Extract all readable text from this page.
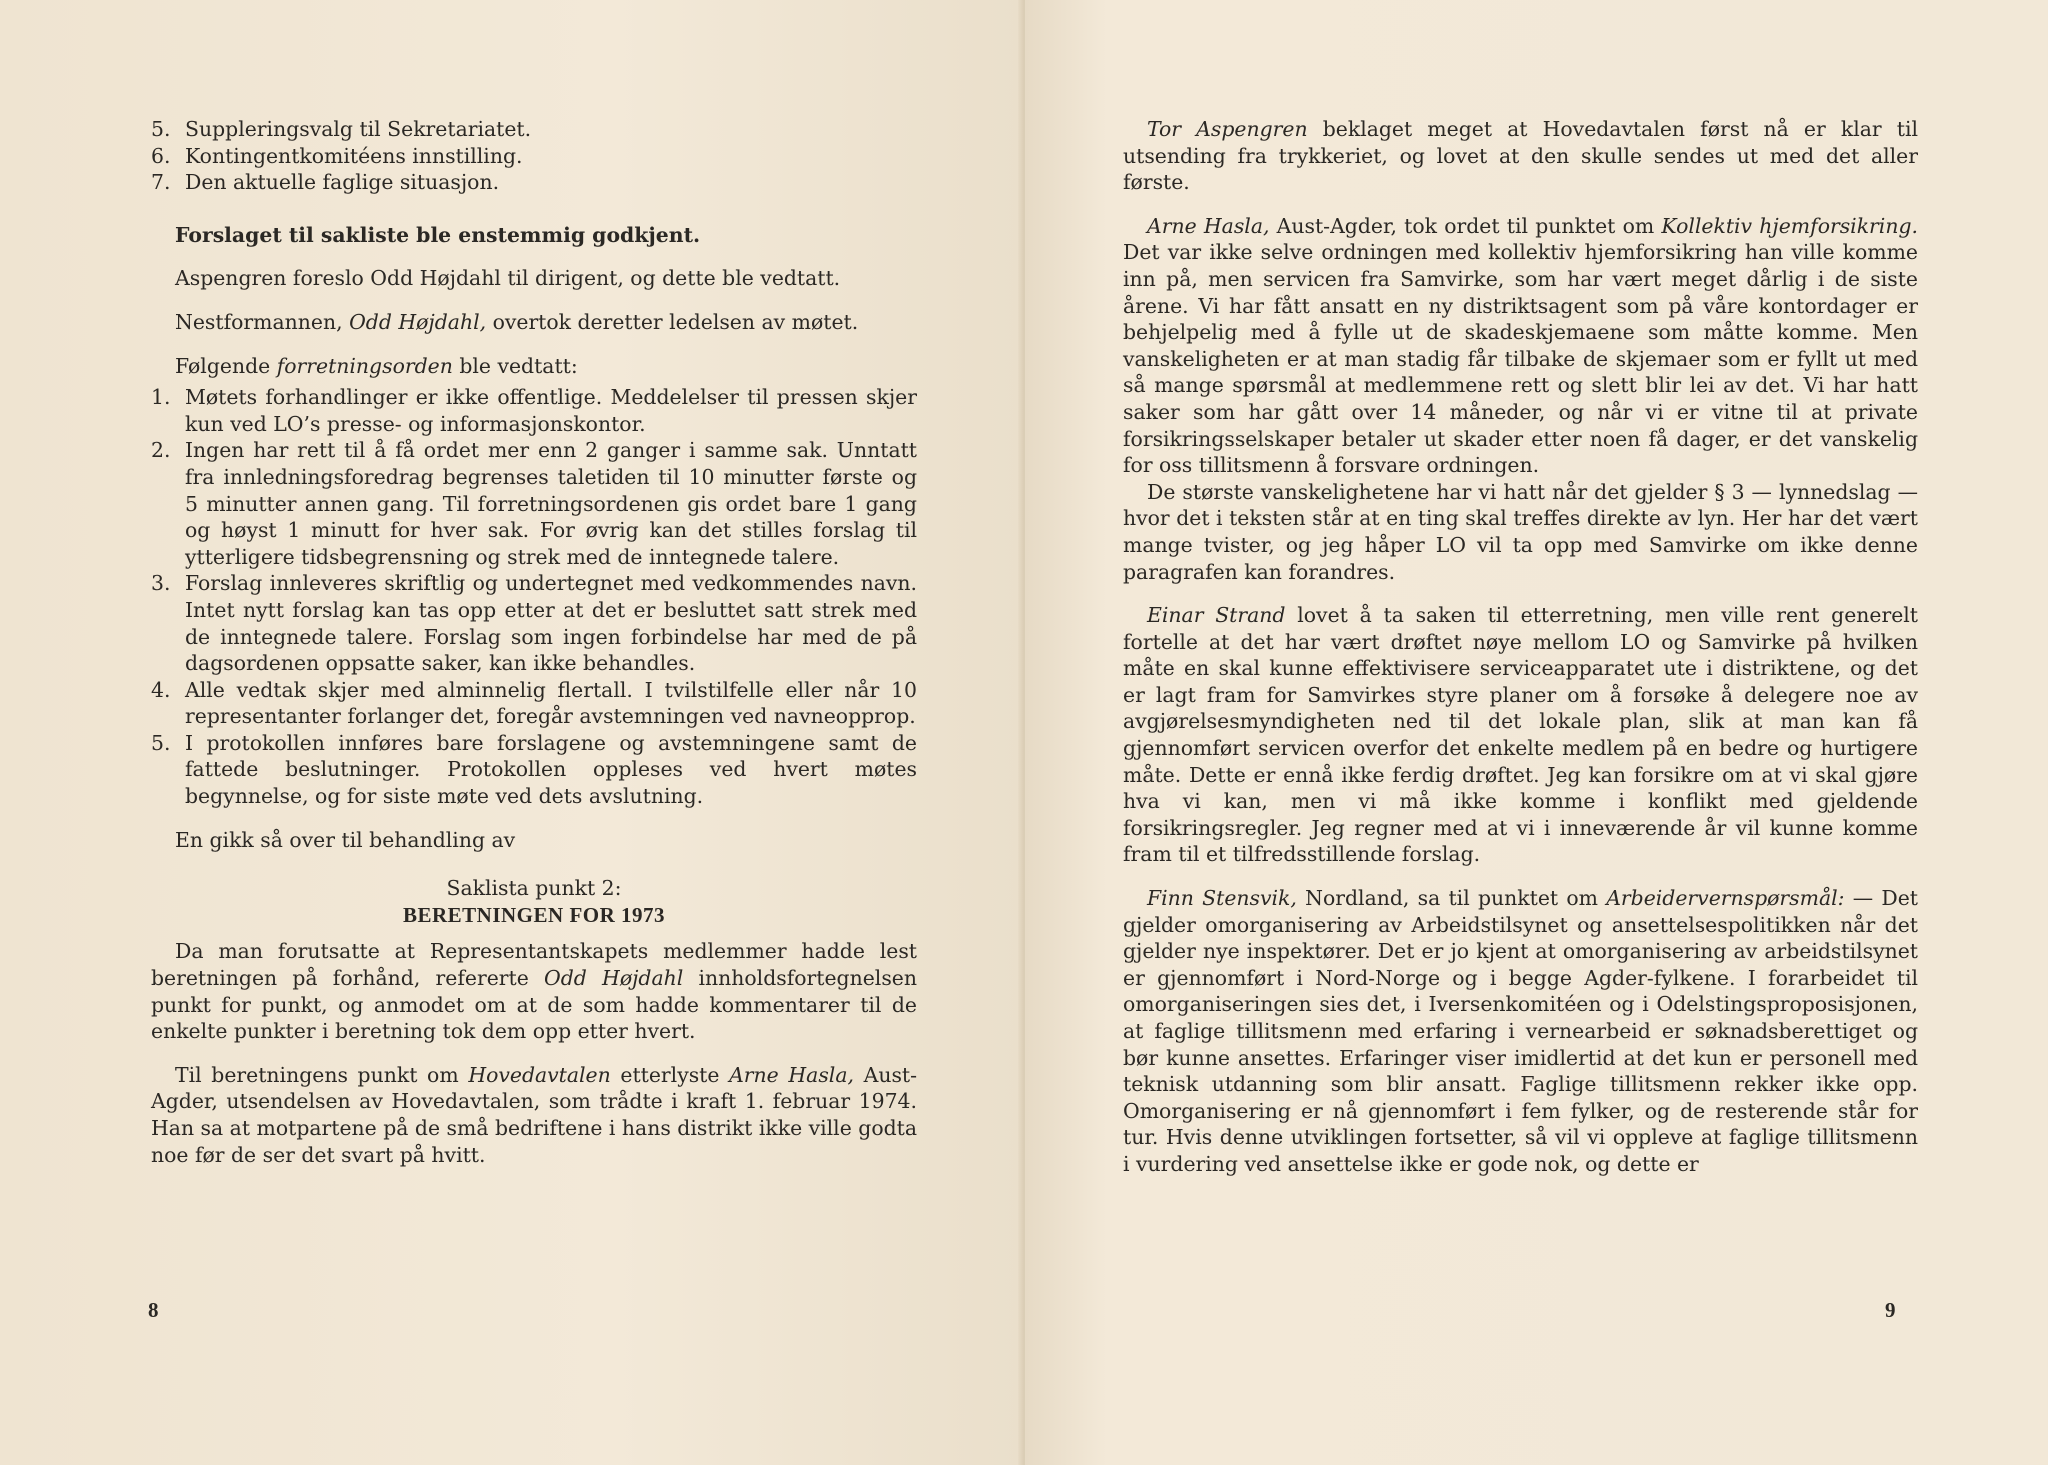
5. Suppleringsvalg til Sekretariatet.
6. Kontingentkomitéens innstilling.
7. Den aktuelle faglige situasjon.

Forslaget til sakliste ble enstemmig godkjent.

Aspengren foreslo Odd Højdahl til dirigent, og dette ble vedtatt.

Nestformannen, Odd Højdahl, overtok deretter ledelsen av møtet.

Følgende forretningsorden ble vedtatt:

1. Møtets forhandlinger er ikke offentlige. Meddelelser til pressen skjer kun ved LO’s presse- og informasjonskontor.
2. Ingen har rett til å få ordet mer enn 2 ganger i samme sak. Unntatt fra innledningsforedrag begrenses taletiden til 10 minutter første og 5 minutter annen gang. Til forretningsordenen gis ordet bare 1 gang og høyst 1 minutt for hver sak. For øvrig kan det stilles forslag til ytterligere tidsbegrensning og strek med de inntegnede talere.
3. Forslag innleveres skriftlig og undertegnet med vedkommendes navn. Intet nytt forslag kan tas opp etter at det er besluttet satt strek med de inntegnede talere. Forslag som ingen forbindelse har med de på dagsordenen oppsatte saker, kan ikke behandles.
4. Alle vedtak skjer med alminnelig flertall. I tvilstilfelle eller når 10 representanter forlanger det, foregår avstemningen ved navneopprop.
5. I protokollen innføres bare forslagene og avstemningene samt de fattede beslutninger. Protokollen oppleses ved hvert møtes begynnelse, og for siste møte ved dets avslutning.

En gikk så over til behandling av

Saklista punkt 2:

BERETNINGEN FOR 1973

Da man forutsatte at Representantskapets medlemmer hadde lest beretningen på forhånd, refererte Odd Højdahl innholdsfortegnelsen punkt for punkt, og anmodet om at de som hadde kommentarer til de enkelte punkter i beretning tok dem opp etter hvert.

Til beretningens punkt om Hovedavtalen etterlyste Arne Hasla, Aust-Agder, utsendelsen av Hovedavtalen, som trådte i kraft 1. februar 1974. Han sa at motpartene på de små bedriftene i hans distrikt ikke ville godta noe før de ser det svart på hvitt.

8

Tor Aspengren beklaget meget at Hovedavtalen først nå er klar til utsending fra trykkeriet, og lovet at den skulle sendes ut med det aller første.

Arne Hasla, Aust-Agder, tok ordet til punktet om Kollektiv hjemforsikring. Det var ikke selve ordningen med kollektiv hjemforsikring han ville komme inn på, men servicen fra Samvirke, som har vært meget dårlig i de siste årene. Vi har fått ansatt en ny distriktsagent som på våre kontordager er behjelpelig med å fylle ut de skadeskjemaene som måtte komme. Men vanskeligheten er at man stadig får tilbake de skjemaer som er fyllt ut med så mange spørsmål at medlemmene rett og slett blir lei av det. Vi har hatt saker som har gått over 14 måneder, og når vi er vitne til at private forsikringsselskaper betaler ut skader etter noen få dager, er det vanskelig for oss tillitsmenn å forsvare ordningen.

De største vanskelighetene har vi hatt når det gjelder § 3 — lynnedslag — hvor det i teksten står at en ting skal treffes direkte av lyn. Her har det vært mange tvister, og jeg håper LO vil ta opp med Samvirke om ikke denne paragrafen kan forandres.

Einar Strand lovet å ta saken til etterretning, men ville rent generelt fortelle at det har vært drøftet nøye mellom LO og Samvirke på hvilken måte en skal kunne effektivisere serviceapparatet ute i distriktene, og det er lagt fram for Samvirkes styre planer om å forsøke å delegere noe av avgjørelsesmyndigheten ned til det lokale plan, slik at man kan få gjennomført servicen overfor det enkelte medlem på en bedre og hurtigere måte. Dette er ennå ikke ferdig drøftet. Jeg kan forsikre om at vi skal gjøre hva vi kan, men vi må ikke komme i konflikt med gjeldende forsikringsregler. Jeg regner med at vi i inneværende år vil kunne komme fram til et tilfredsstillende forslag.

Finn Stensvik, Nordland, sa til punktet om Arbeidervernspørsmål: — Det gjelder omorganisering av Arbeidstilsynet og ansettelsespolitikken når det gjelder nye inspektører. Det er jo kjent at omorganisering av arbeidstilsynet er gjennomført i Nord-Norge og i begge Agder-fylkene. I forarbeidet til omorganiseringen sies det, i Iversenkomitéen og i Odelstingsproposisjonen, at faglige tillitsmenn med erfaring i vernearbeid er søknadsberettiget og bør kunne ansettes. Erfaringer viser imidlertid at det kun er personell med teknisk utdanning som blir ansatt. Faglige tillitsmenn rekker ikke opp. Omorganisering er nå gjennomført i fem fylker, og de resterende står for tur. Hvis denne utviklingen fortsetter, så vil vi oppleve at faglige tillitsmenn i vurdering ved ansettelse ikke er gode nok, og dette er

9
